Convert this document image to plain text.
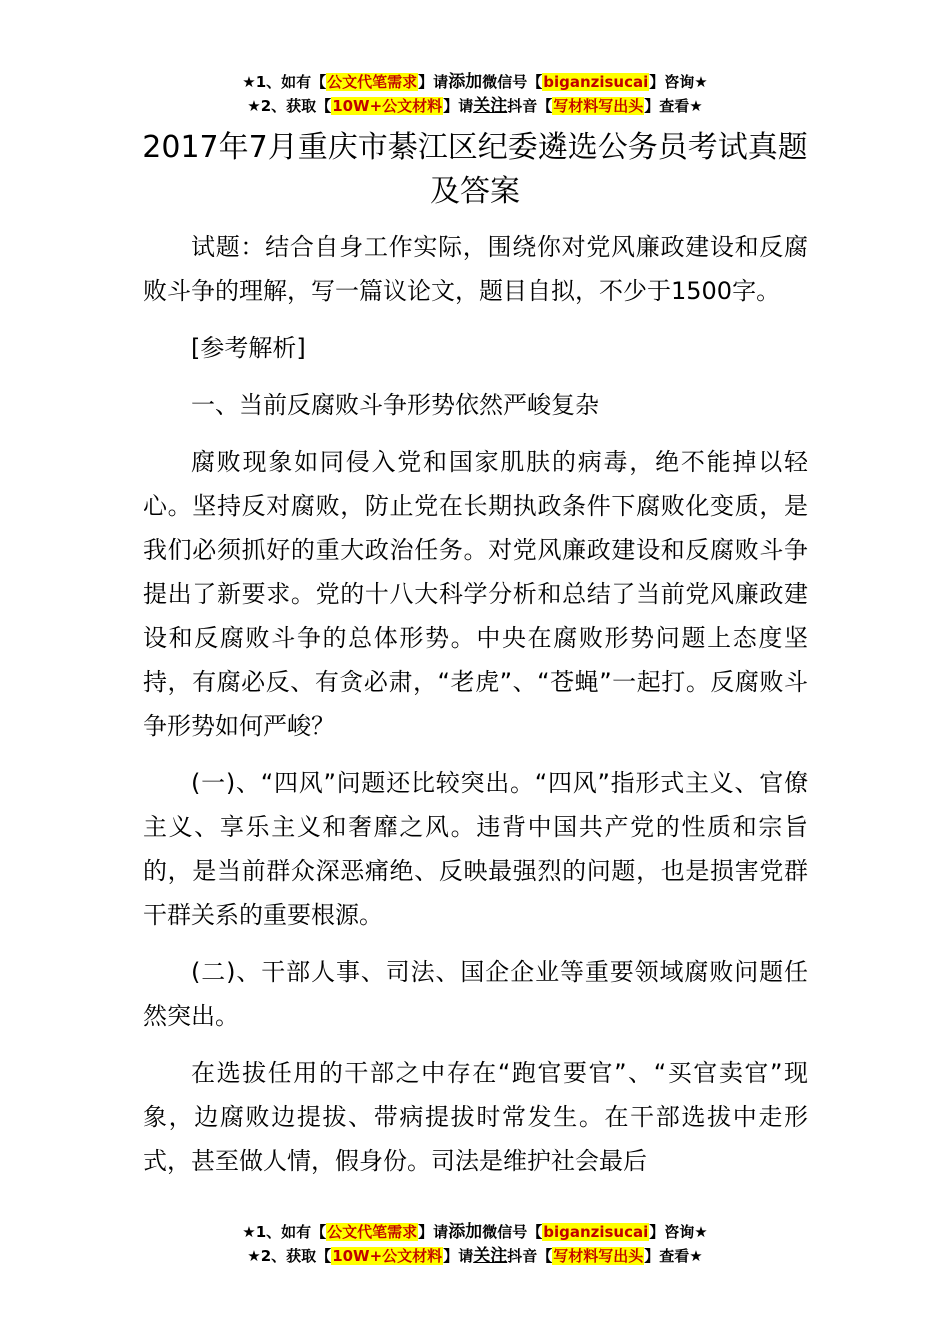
★1、如有【公文代笔需求】请添加微信号【biganzisucai】咨询★
★2、获取【10W+公文材料】请关注抖音【写材料写出头】查看★
2017年7月重庆市綦江区纪委遴选公务员考试真题及答案

试题：结合自身工作实际，围绕你对党风廉政建设和反腐败斗争的理解，写一篇议论文，题目自拟，不少于1500字。

[参考解析]

一、当前反腐败斗争形势依然严峻复杂

腐败现象如同侵入党和国家肌肤的病毒，绝不能掉以轻心。坚持反对腐败，防止党在长期执政条件下腐败化变质，是我们必须抓好的重大政治任务。对党风廉政建设和反腐败斗争提出了新要求。党的十八大科学分析和总结了当前党风廉政建设和反腐败斗争的总体形势。中央在腐败形势问题上态度坚持，有腐必反、有贪必肃，“老虎”、“苍蝇”一起打。反腐败斗争形势如何严峻？

(一)、“四风”问题还比较突出。“四风”指形式主义、官僚主义、享乐主义和奢靡之风。违背中国共产党的性质和宗旨的，是当前群众深恶痛绝、反映最强烈的问题，也是损害党群干群关系的重要根源。

(二)、干部人事、司法、国企企业等重要领域腐败问题任然突出。

在选拔任用的干部之中存在“跑官要官”、“买官卖官”现象，边腐败边提拔、带病提拔时常发生。在干部选拔中走形式，甚至做人情，假身份。司法是维护社会最后

★1、如有【公文代笔需求】请添加微信号【biganzisucai】咨询★
★2、获取【10W+公文材料】请关注抖音【写材料写出头】查看★
